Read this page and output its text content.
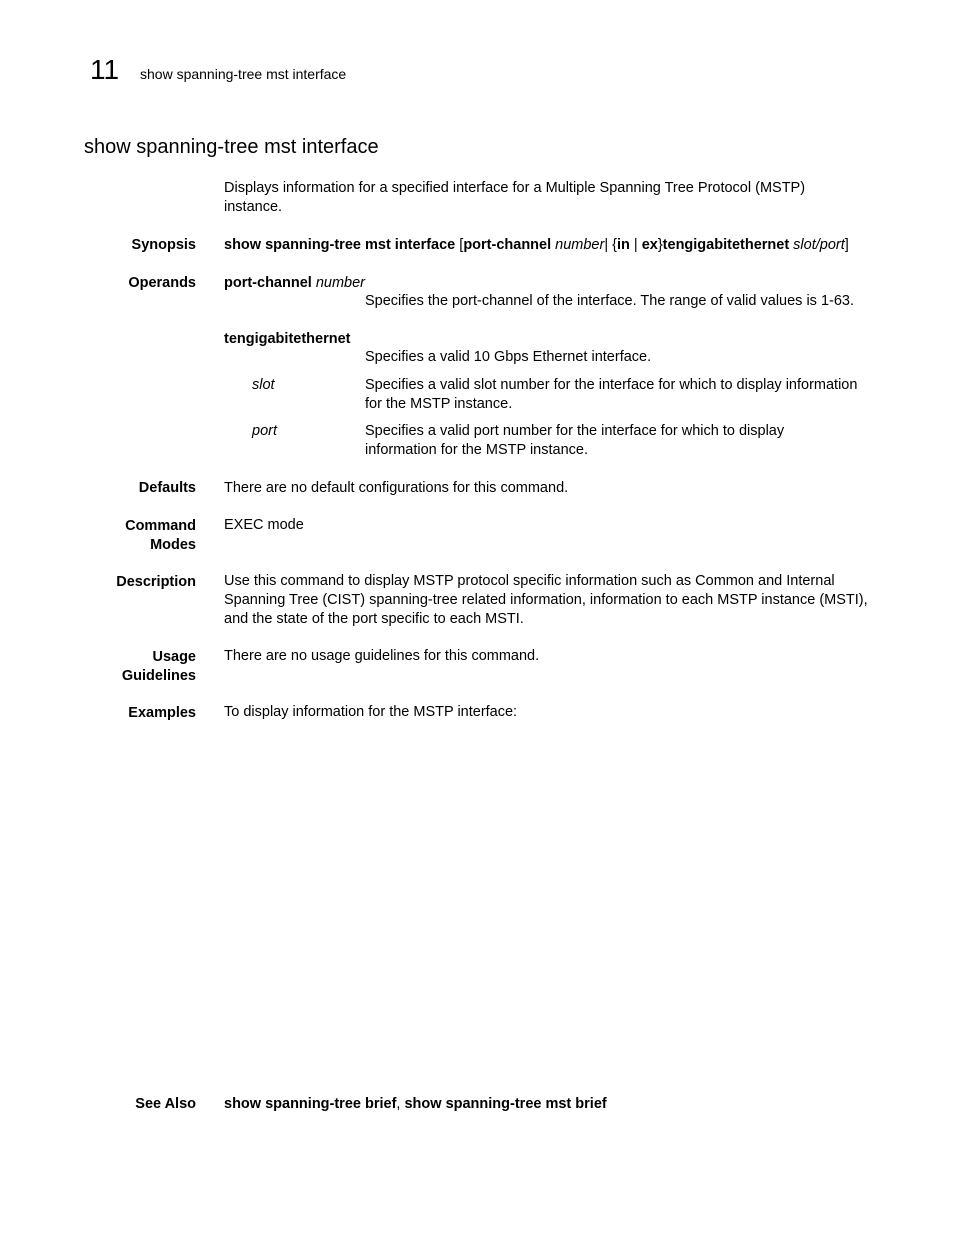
11 show spanning-tree mst interface
show spanning-tree mst interface
Displays information for a specified interface for a Multiple Spanning Tree Protocol (MSTP) instance.
Synopsis show spanning-tree mst interface [port-channel number| {in | ex}tengigabitethernet slot/port]
Operands port-channel number
Specifies the port-channel of the interface. The range of valid values is 1-63.
tengigabitethernet
Specifies a valid 10 Gbps Ethernet interface.
slot	Specifies a valid slot number for the interface for which to display information for the MSTP instance.
port	Specifies a valid port number for the interface for which to display information for the MSTP instance.
Defaults There are no default configurations for this command.
Command
Modes
EXEC mode
Description Use this command to display MSTP protocol specific information such as Common and Internal Spanning Tree (CIST) spanning-tree related information, information to each MSTP instance (MSTI), and the state of the port specific to each MSTI.
Usage
Guidelines
There are no usage guidelines for this command.
Examples To display information for the MSTP interface:
See Also show spanning-tree brief, show spanning-tree mst brief
